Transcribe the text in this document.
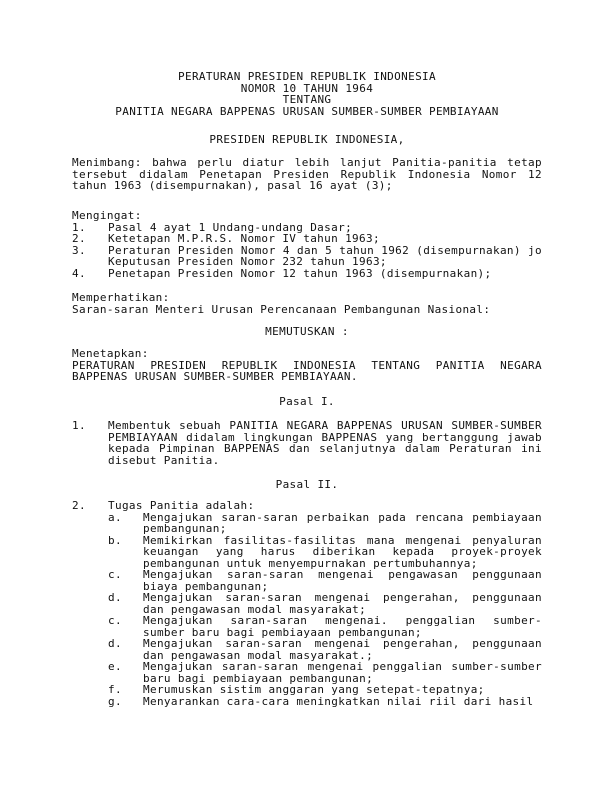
PERATURAN PRESIDEN REPUBLIK INDONESIA
NOMOR 10 TAHUN 1964
TENTANG
PANITIA NEGARA BAPPENAS URUSAN SUMBER-SUMBER PEMBIAYAAN
PRESIDEN REPUBLIK INDONESIA,
Menimbang: bahwa perlu diatur lebih lanjut Panitia-panitia tetap
tersebut didalam Penetapan Presiden Republik Indonesia Nomor 12
tahun 1963 (disempurnakan), pasal 16 ayat (3);
Mengingat:
1. Pasal 4 ayat 1 Undang-undang Dasar;
2. Ketetapan M.P.R.S. Nomor IV tahun 1963;
3. Peraturan Presiden Nomor 4 dan 5 tahun 1962 (disempurnakan) jo
Keputusan Presiden Nomor 232 tahun 1963;
4. Penetapan Presiden Nomor 12 tahun 1963 (disempurnakan);
Memperhatikan:
Saran-saran Menteri Urusan Perencanaan Pembangunan Nasional:
MEMUTUSKAN :
Menetapkan:
PERATURAN PRESIDEN REPUBLIK INDONESIA TENTANG PANITIA NEGARA
BAPPENAS URUSAN SUMBER-SUMBER PEMBIAYAAN.
Pasal I.
1. Membentuk sebuah PANITIA NEGARA BAPPENAS URUSAN SUMBER-SUMBER
PEMBIAYAAN didalam lingkungan BAPPENAS yang bertanggung jawab
kepada Pimpinan BAPPENAS dan selanjutnya dalam Peraturan ini
disebut Panitia.
Pasal II.
2. Tugas Panitia adalah:
a. Mengajukan saran-saran perbaikan pada rencana pembiayaan
pembangunan;
b. Memikirkan fasilitas-fasilitas mana mengenai penyaluran
keuangan yang harus diberikan kepada proyek-proyek
pembangunan untuk menyempurnakan pertumbuhannya;
c. Mengajukan saran-saran mengenai pengawasan penggunaan
biaya pembangunan;
d. Mengajukan saran-saran mengenai pengerahan, penggunaan
dan pengawasan modal masyarakat;
c. Mengajukan saran-saran mengenai. penggalian sumber-
sumber baru bagi pembiayaan pembangunan;
d. Mengajukan saran-saran mengenai pengerahan, penggunaan
dan pengawasan modal masyarakat.;
e. Mengajukan saran-saran mengenai penggalian sumber-sumber
baru bagi pembiayaan pembangunan;
f. Merumuskan sistim anggaran yang setepat-tepatnya;
g. Menyarankan cara-cara meningkatkan nilai riil dari hasil
